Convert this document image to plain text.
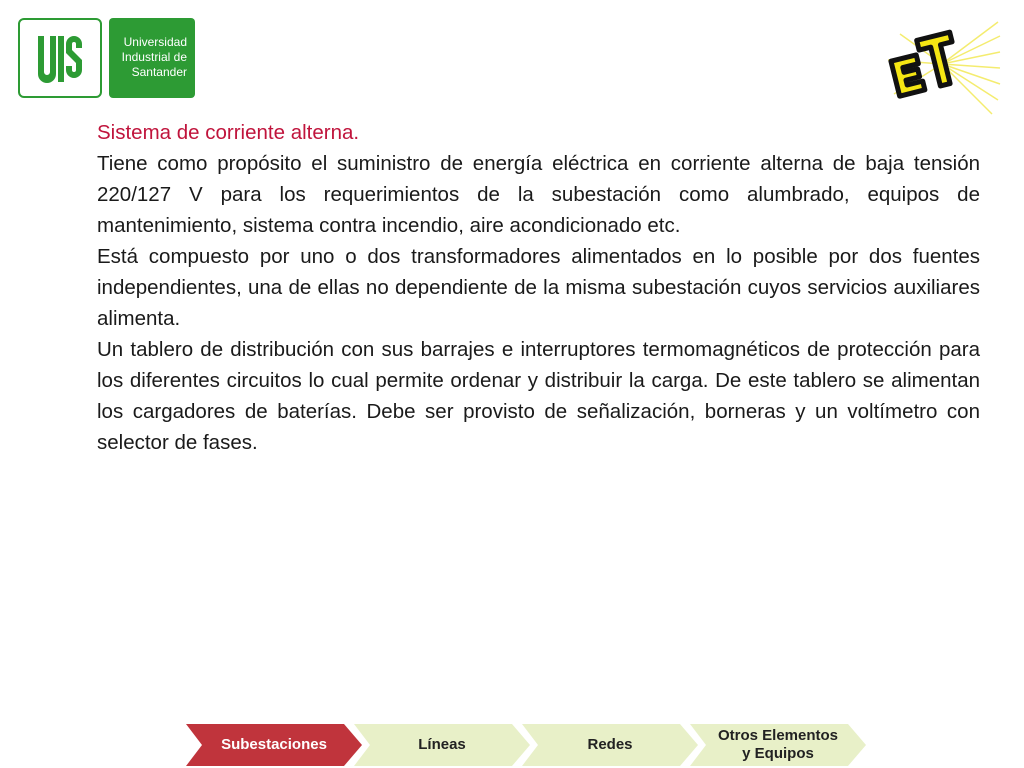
Universidad
Industrial de
Santander

Sistema de corriente alterna.

Tiene como propósito el suministro de energía eléctrica en corriente alterna de baja tensión 220/127 V para los requerimientos de la subestación como alumbrado, equipos de mantenimiento, sistema contra incendio, aire acondicionado etc.

Está compuesto por uno o dos transformadores alimentados en lo posible por dos fuentes independientes, una de ellas no dependiente de la misma subestación cuyos servicios auxiliares alimenta.

Un tablero de distribución con sus barrajes e interruptores termomagnéticos de protección para los diferentes circuitos lo cual permite ordenar y distribuir la carga. De este tablero se alimentan los cargadores de baterías. Debe ser provisto de señalización, borneras y un voltímetro con selector de fases.

Subestaciones	Líneas	Redes
Otros Elementos
y Equipos
